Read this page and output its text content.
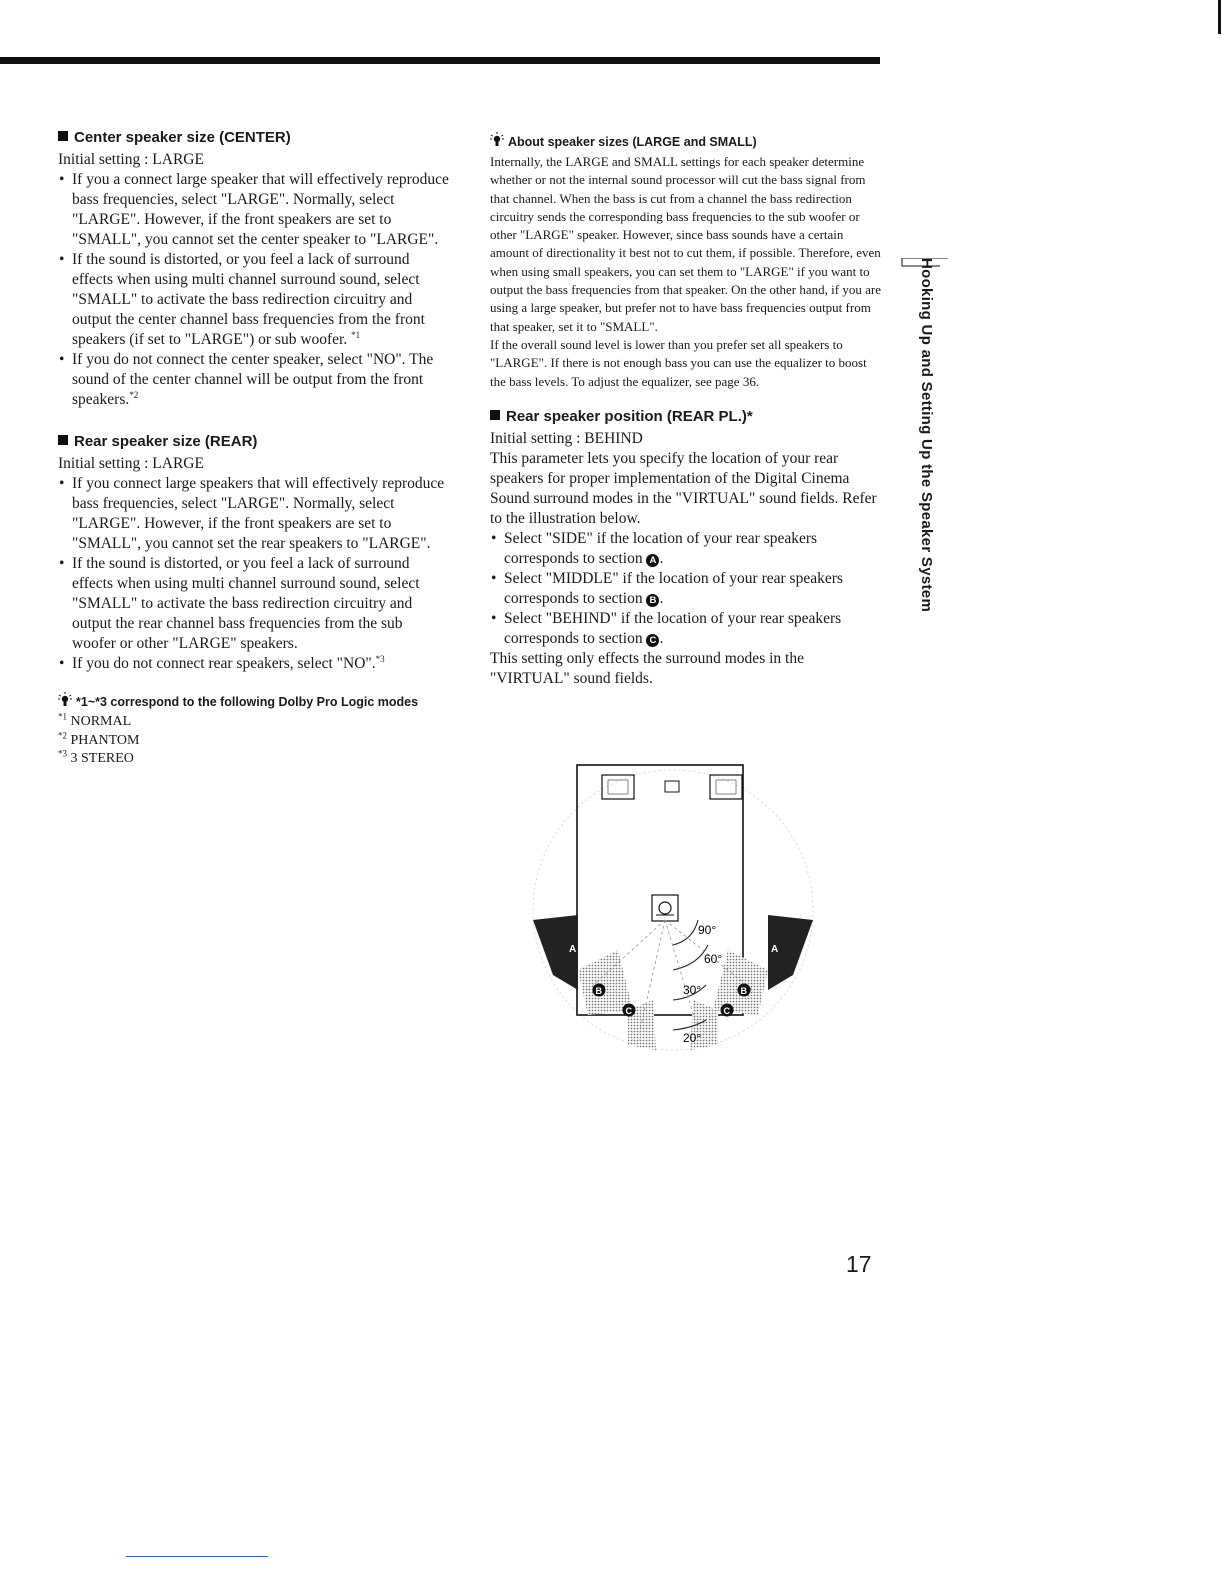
Center speaker size (CENTER)

Initial setting : LARGE

• If you a connect large speaker that will effectively reproduce bass frequencies, select "LARGE". Normally, select "LARGE". However, if the front speakers are set to "SMALL", you cannot set the center speaker to "LARGE".
• If the sound is distorted, or you feel a lack of surround effects when using multi channel surround sound, select "SMALL" to activate the bass redirection circuitry and output the center channel bass frequencies from the front speakers (if set to "LARGE") or sub woofer. $^{*1}$
• If you do not connect the center speaker, select "NO". The sound of the center channel will be output from the front speakers.$^{*2}$
Rear speaker size (REAR)

Initial setting : LARGE

• If you connect large speakers that will effectively reproduce bass frequencies, select "LARGE". Normally, select "LARGE". However, if the front speakers are set to "SMALL", you cannot set the rear speakers to "LARGE".
• If the sound is distorted, or you feel a lack of surround effects when using multi channel surround sound, select "SMALL" to activate the bass redirection circuitry and output the rear channel bass frequencies from the sub woofer or other "LARGE" speakers.
• If you do not connect rear speakers, select "NO".$^{*3}$
*1~*3 correspond to the following Dolby Pro Logic modes
$^{*1}$ NORMAL
$^{*2}$ PHANTOM
$^{*3}$ 3 STEREO
About speaker sizes (LARGE and SMALL)

Internally, the LARGE and SMALL settings for each speaker determine whether or not the internal sound processor will cut the bass signal from that channel. When the bass is cut from a channel the bass redirection circuitry sends the corresponding bass frequencies to the sub woofer or other "LARGE" speaker. However, since bass sounds have a certain amount of directionality it best not to cut them, if possible. Therefore, even when using small speakers, you can set them to "LARGE" if you want to output the bass frequencies from that speaker. On the other hand, if you are using a large speaker, but prefer not to have bass frequencies output from that speaker, set it to "SMALL".

If the overall sound level is lower than you prefer set all speakers to "LARGE". If there is not enough bass you can use the equalizer to boost the bass levels. To adjust the equalizer, see page 36.

Rear speaker position (REAR PL.)*

Initial setting : BEHIND

This parameter lets you specify the location of your rear speakers for proper implementation of the Digital Cinema Sound surround modes in the "VIRTUAL" sound fields. Refer to the illustration below.

• Select "SIDE" if the location of your rear speakers corresponds to section A .
• Select "MIDDLE" if the location of your rear speakers corresponds to section B .
• Select "BEHIND" if the location of your rear speakers corresponds to section C .

This setting only effects the surround modes in the "VIRTUAL" sound fields.

90°
60°
30°
20°
A	A
B	B
C	C
Hooking Up and Setting Up the Speaker System
17
